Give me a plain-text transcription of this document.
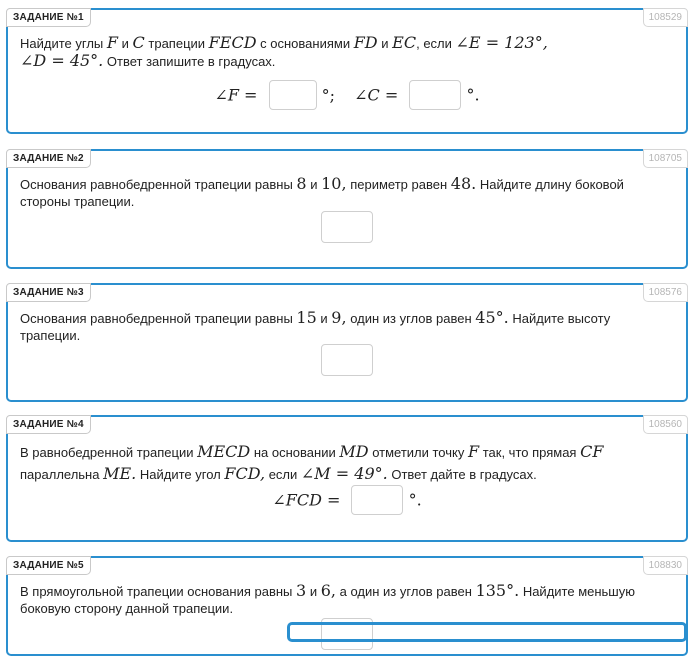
ЗАДАНИЕ №1	108529
Найдите углы F и C трапеции FECD с основаниями FD и EC, если ∠E = 123°,
∠D = 45°. Ответ запишите в градусах.
∠F =	°; ∠C =	°.
ЗАДАНИЕ №2	108705
Основания равнобедренной трапеции равны 8 и 10, периметр равен 48. Найдите длину боковой стороны трапеции.
ЗАДАНИЕ №3	108576
Основания равнобедренной трапеции равны 15 и 9, один из углов равен 45°. Найдите высоту трапеции.
ЗАДАНИЕ №4	108560
В равнобедренной трапеции MECD на основании MD отметили точку F так, что прямая CF
параллельна ME. Найдите угол FCD, если ∠M = 49°. Ответ дайте в градусах.
∠FCD =	°.
ЗАДАНИЕ №5	108830
В прямоугольной трапеции основания равны 3 и 6, а один из углов равен 135°. Найдите меньшую боковую сторону данной трапеции.
